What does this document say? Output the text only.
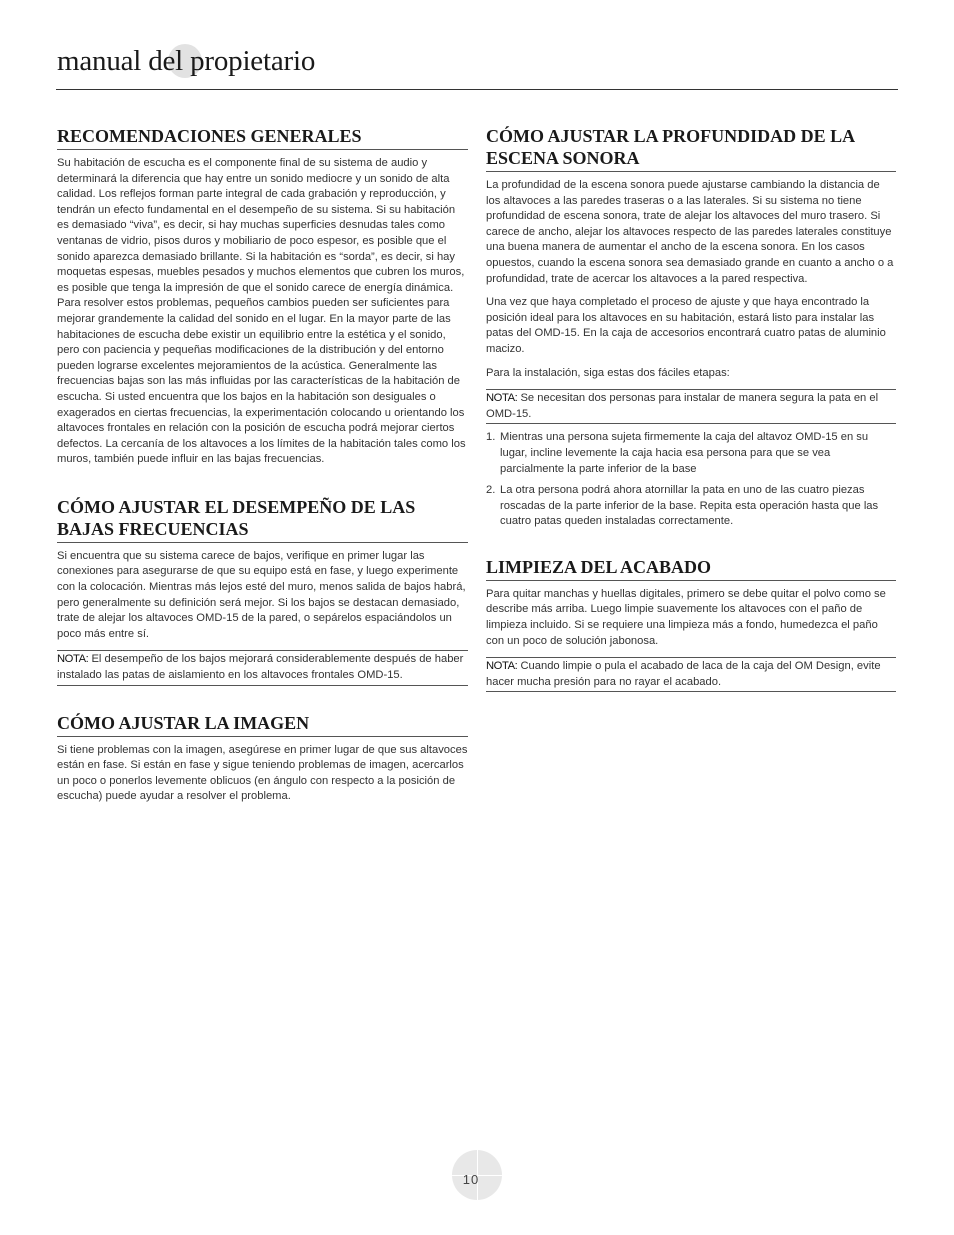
manual del propietario
RECOMENDACIONES GENERALES

Su habitación de escucha es el componente final de su sistema de audio y determinará la diferencia que hay entre un sonido mediocre y un sonido de alta calidad. Los reflejos forman parte integral de cada grabación y reproducción, y tendrán un efecto fundamental en el desempeño de su sistema. Si su habitación es demasiado “viva”, es decir, si hay muchas superficies desnudas tales como ventanas de vidrio, pisos duros y mobiliario de poco espesor, es posible que el sonido aparezca demasiado brillante. Si la habitación es “sorda”, es decir, si hay moquetas espesas, muebles pesados y muchos elementos que cubren los muros, es posible que tenga la impresión de que el sonido carece de energía dinámica. Para resolver estos problemas, pequeños cambios pueden ser suficientes para mejorar grandemente la calidad del sonido en el lugar. En la mayor parte de las habitaciones de escucha debe existir un equilibrio entre la estética y el sonido, pero con paciencia y pequeñas modificaciones de la distribución y del entorno pueden lograrse excelentes mejoramientos de la acústica. Generalmente las frecuencias bajas son las más influidas por las características de la habitación de escucha. Si usted encuentra que los bajos en la habitación son desiguales o exagerados en ciertas frecuencias, la experimentación colocando u orientando los altavoces frontales en relación con la posición de escucha podrá mejorar ciertos defectos. La cercanía de los altavoces a los límites de la habitación tales como los muros, también puede influir en las bajas frecuencias.

CÓMO AJUSTAR EL DESEMPEÑO DE LAS BAJAS FRECUENCIAS

Si encuentra que su sistema carece de bajos, verifique en primer lugar las conexiones para asegurarse de que su equipo está en fase, y luego experimente con la colocación. Mientras más lejos esté del muro, menos salida de bajos habrá, pero generalmente su definición será mejor. Si los bajos se destacan demasiado, trate de alejar los altavoces OMD-15 de la pared, o sepárelos espaciándolos un poco más entre sí.

NOTA: El desempeño de los bajos mejorará considerablemente después de haber instalado las patas de aislamiento en los altavoces frontales OMD-15.
CÓMO AJUSTAR LA IMAGEN

Si tiene problemas con la imagen, asegúrese en primer lugar de que sus altavoces están en fase. Si están en fase y sigue teniendo problemas de imagen, acercarlos un poco o ponerlos levemente oblicuos (en ángulo con respecto a la posición de escucha) puede ayudar a resolver el problema.

CÓMO AJUSTAR LA PROFUNDIDAD DE LA ESCENA SONORA

La profundidad de la escena sonora puede ajustarse cambiando la distancia de los altavoces a las paredes traseras o a las laterales. Si su sistema no tiene profundidad de escena sonora, trate de alejar los altavoces del muro trasero. Si carece de ancho, alejar los altavoces respecto de las paredes laterales constituye una buena manera de aumentar el ancho de la escena sonora. En los casos opuestos, cuando la escena sonora sea demasiado grande en cuanto a ancho o a profundidad, trate de acercar los altavoces a la pared respectiva.

Una vez que haya completado el proceso de ajuste y que haya encontrado la posición ideal para los altavoces en su habitación, estará listo para instalar las patas del OMD-15. En la caja de accesorios encontrará cuatro patas de aluminio macizo.

Para la instalación, siga estas dos fáciles etapas:

NOTA: Se necesitan dos personas para instalar de manera segura la pata en el OMD-15.
1. Mientras una persona sujeta firmemente la caja del altavoz OMD-15 en su lugar, incline levemente la caja hacia esa persona para que se vea parcialmente la parte inferior de la base
2. La otra persona podrá ahora atornillar la pata en uno de las cuatro piezas roscadas de la parte inferior de la base. Repita esta operación hasta que las cuatro patas queden instaladas correctamente.
LIMPIEZA DEL ACABADO

Para quitar manchas y huellas digitales, primero se debe quitar el polvo como se describe más arriba. Luego limpie suavemente los altavoces con el paño de limpieza incluido. Si se requiere una limpieza más a fondo, humedezca el paño con un poco de solución jabonosa.

NOTA: Cuando limpie o pula el acabado de laca de la caja del OM Design, evite hacer mucha presión para no rayar el acabado.
10
